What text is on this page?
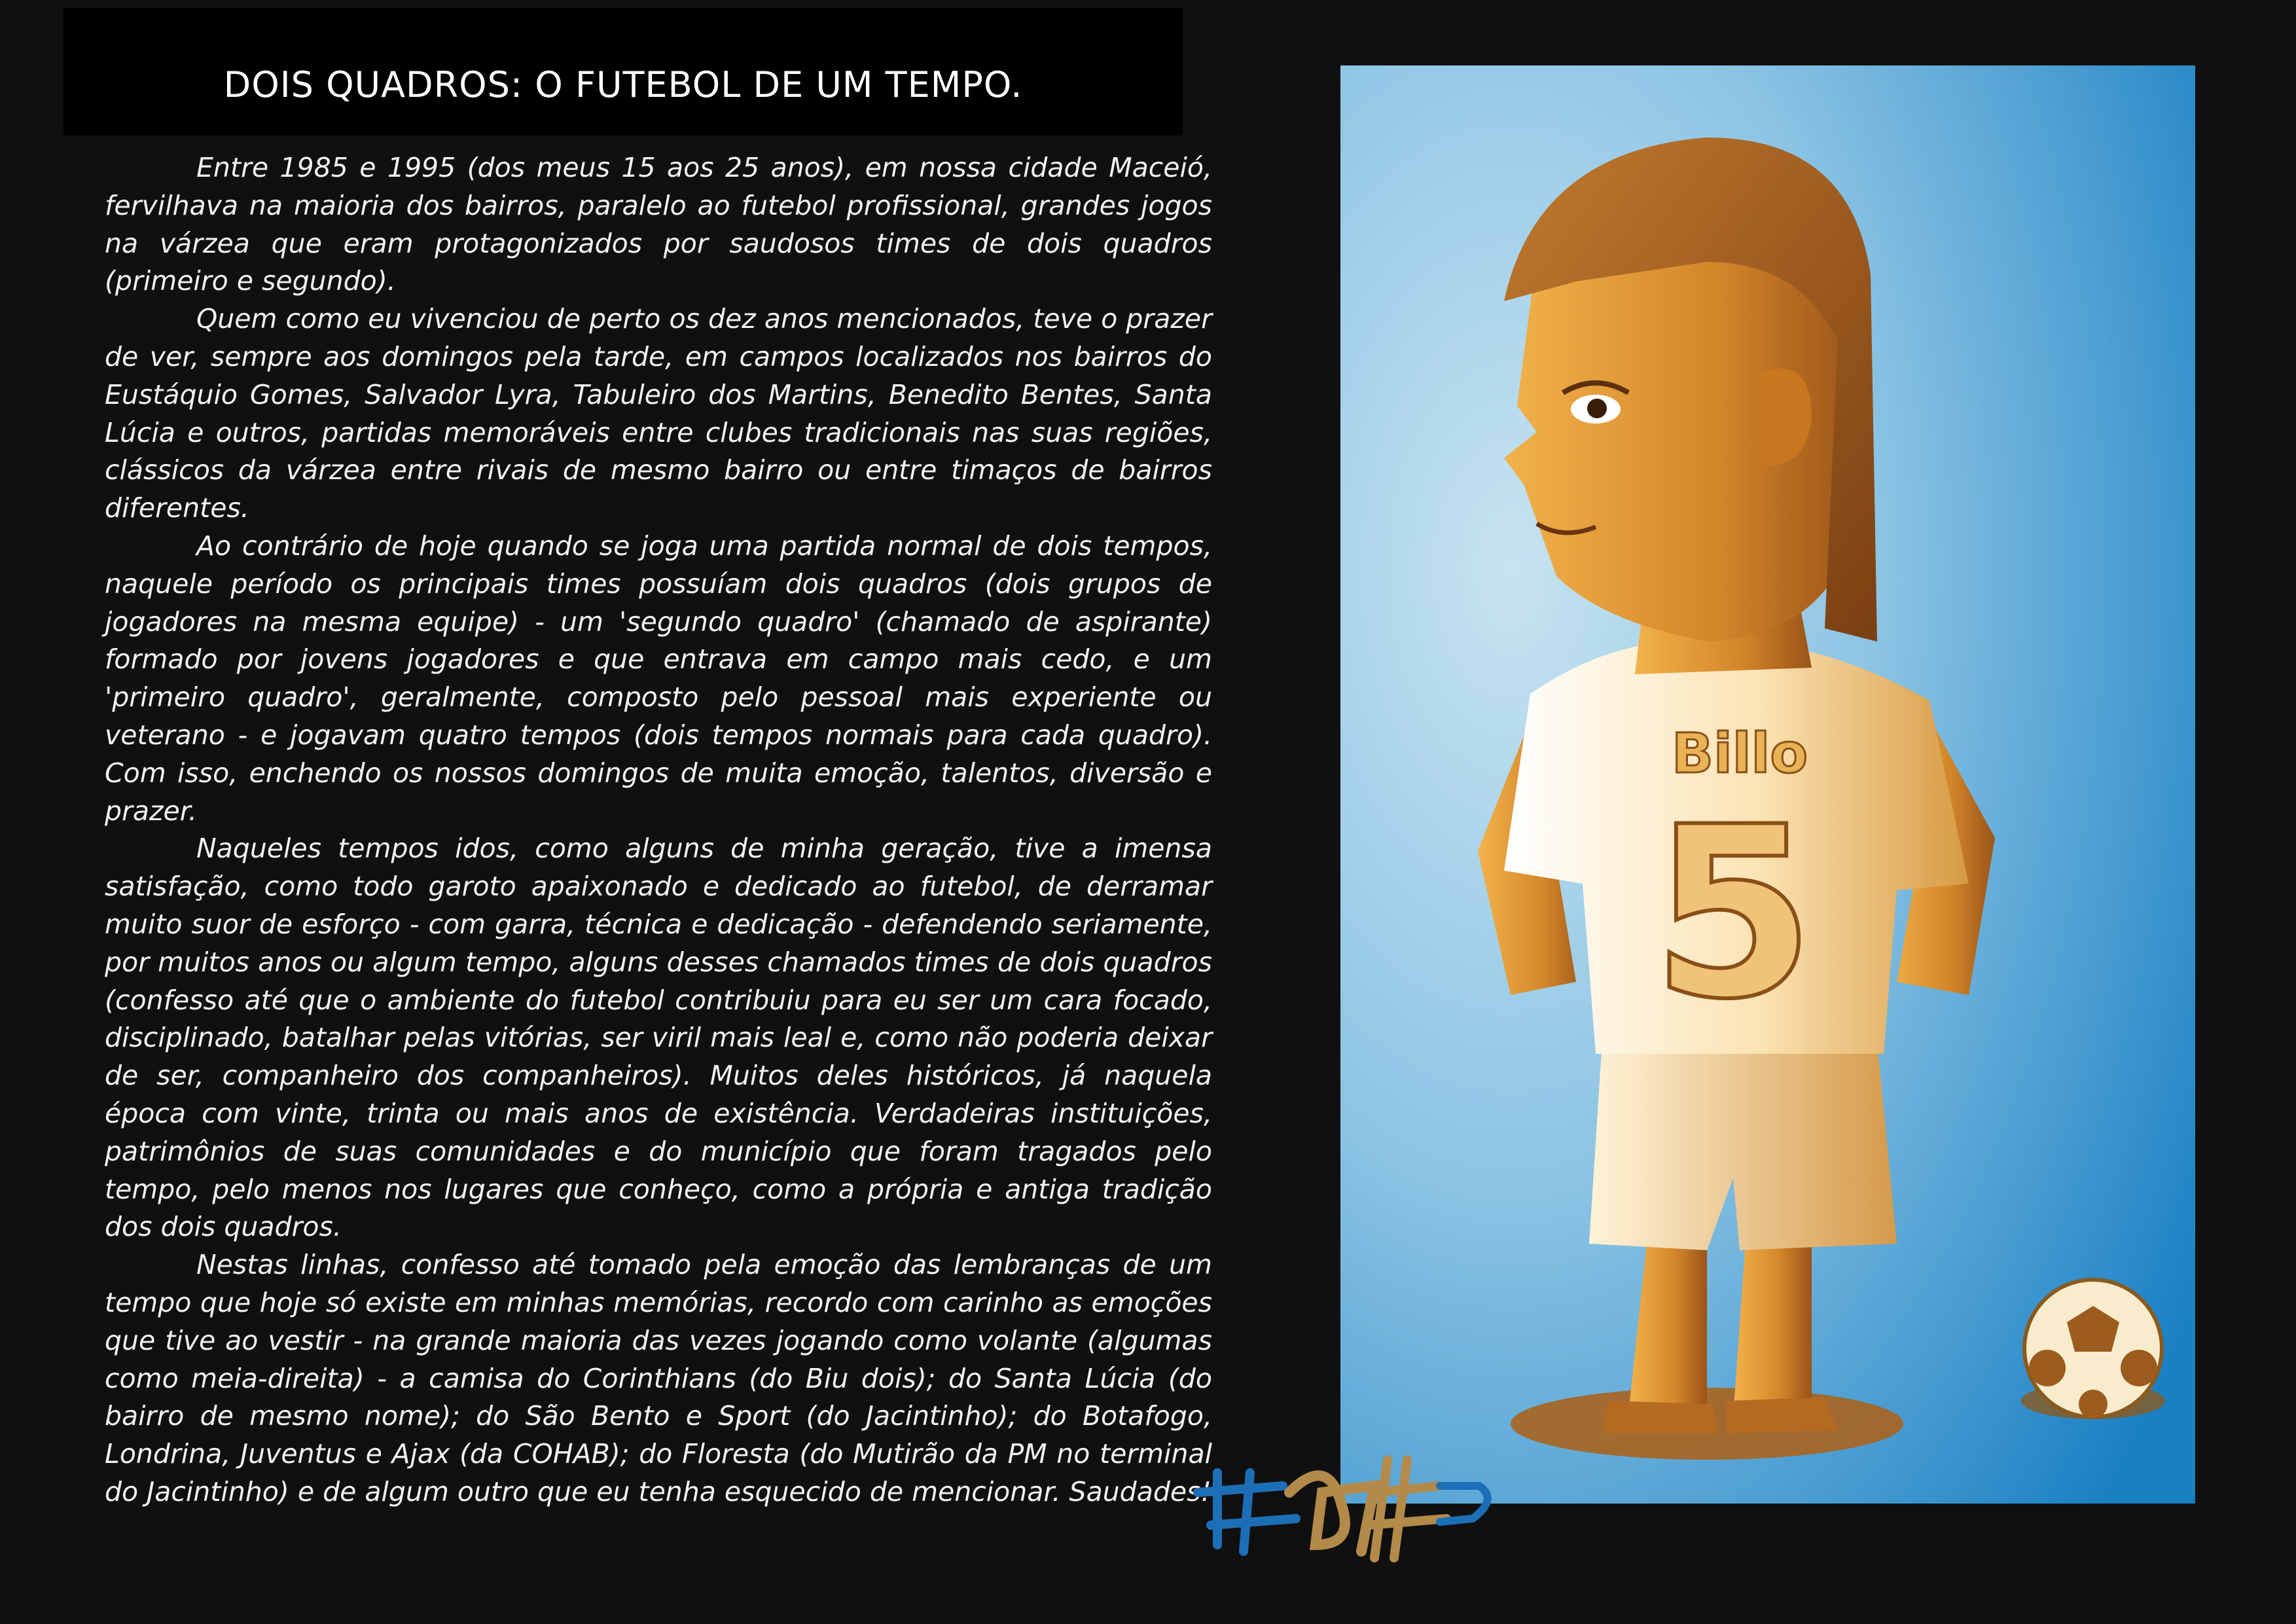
DOIS QUADROS: O FUTEBOL DE UM TEMPO.

Entre 1985 e 1995 (dos meus 15 aos 25 anos), em nossa cidade Maceió, fervilhava na maioria dos bairros, paralelo ao futebol profissional, grandes jogos na várzea que eram protagonizados por saudosos times de dois quadros (primeiro e segundo).

Quem como eu vivenciou de perto os dez anos mencionados, teve o prazer de ver, sempre aos domingos pela tarde, em campos localizados nos bairros do Eustáquio Gomes, Salvador Lyra, Tabuleiro dos Martins, Benedito Bentes, Santa Lúcia e outros, partidas memoráveis entre clubes tradicionais nas suas regiões, clássicos da várzea entre rivais de mesmo bairro ou entre timaços de bairros diferentes.

Ao contrário de hoje quando se joga uma partida normal de dois tempos, naquele período os principais times possuíam dois quadros (dois grupos de jogadores na mesma equipe) - um 'segundo quadro' (chamado de aspirante) formado por jovens jogadores e que entrava em campo mais cedo, e um 'primeiro quadro', geralmente, composto pelo pessoal mais experiente ou veterano - e jogavam quatro tempos (dois tempos normais para cada quadro). Com isso, enchendo os nossos domingos de muita emoção, talentos, diversão e prazer.

Naqueles tempos idos, como alguns de minha geração, tive a imensa satisfação, como todo garoto apaixonado e dedicado ao futebol, de derramar muito suor de esforço - com garra, técnica e dedicação - defendendo seriamente, por muitos anos ou algum tempo, alguns desses chamados times de dois quadros (confesso até que o ambiente do futebol contribuiu para eu ser um cara focado, disciplinado, batalhar pelas vitórias, ser viril mais leal e, como não poderia deixar de ser, companheiro dos companheiros). Muitos deles históricos, já naquela época com vinte, trinta ou mais anos de existência. Verdadeiras instituições, patrimônios de suas comunidades e do município que foram tragados pelo tempo, pelo menos nos lugares que conheço, como a própria e antiga tradição dos dois quadros.

Nestas linhas, confesso até tomado pela emoção das lembranças de um tempo que hoje só existe em minhas memórias, recordo com carinho as emoções que tive ao vestir - na grande maioria das vezes jogando como volante (algumas como meia-direita) - a camisa do Corinthians (do Biu dois); do Santa Lúcia (do bairro de mesmo nome); do São Bento e Sport (do Jacintinho); do Botafogo, Londrina, Juventus e Ajax (da COHAB); do Floresta (do Mutirão da PM no terminal do Jacintinho) e de algum outro que eu tenha esquecido de mencionar. Saudades!

Billo
5
